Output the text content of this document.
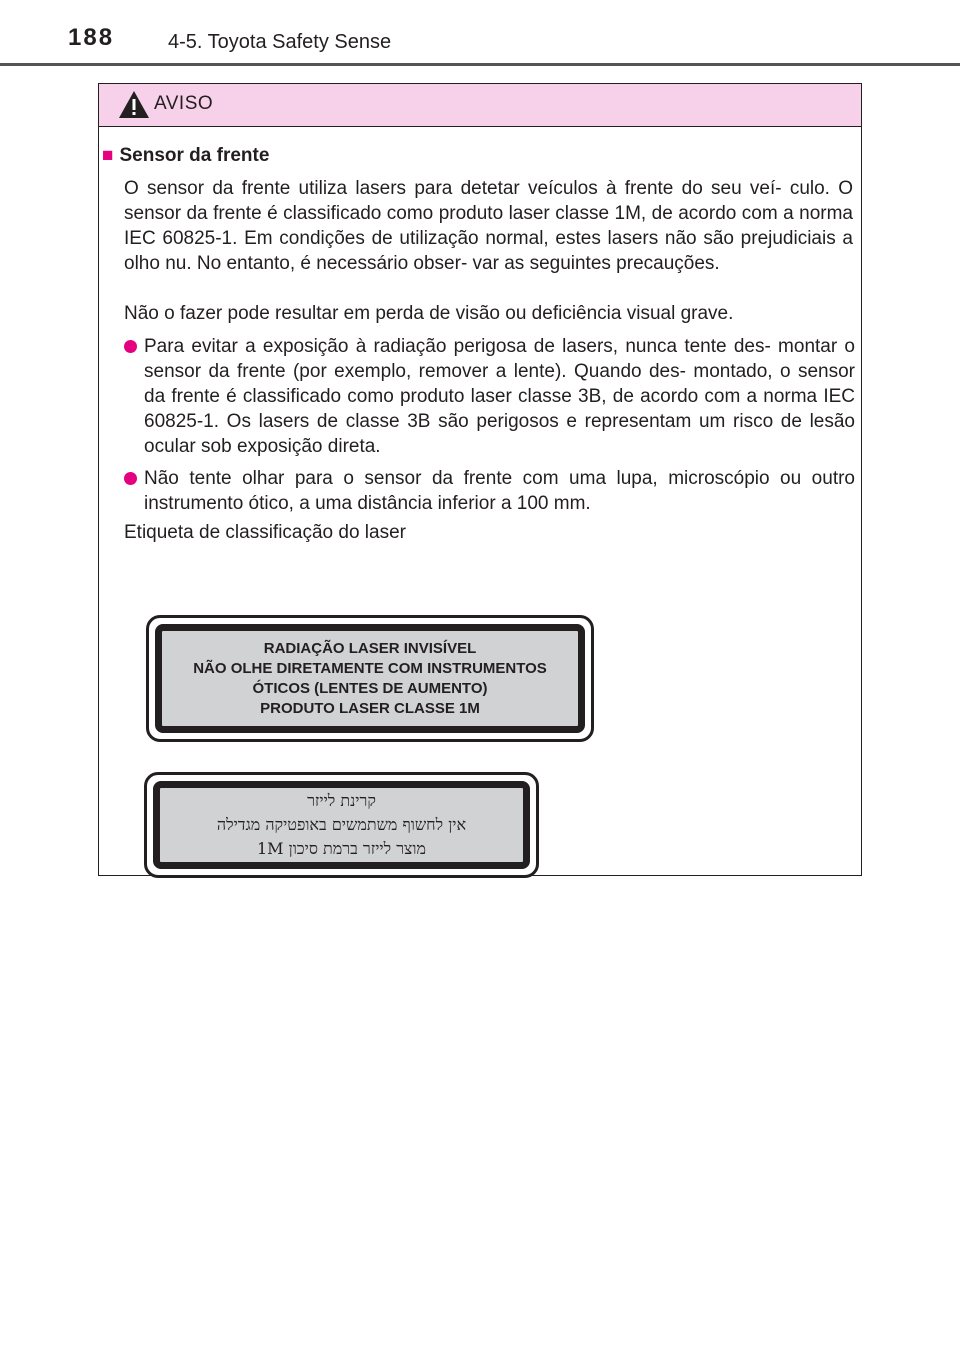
188	4-5. Toyota Safety Sense
AVISO
■ Sensor da frente

O sensor da frente utiliza lasers para detetar veículos à frente do seu veí- culo. O sensor da frente é classificado como produto laser classe 1M, de acordo com a norma IEC 60825-1. Em condições de utilização normal, estes lasers não são prejudiciais a olho nu. No entanto, é necessário obser- var as seguintes precauções.

Não o fazer pode resultar em perda de visão ou deficiência visual grave.

Para evitar a exposição à radiação perigosa de lasers, nunca tente des- montar o sensor da frente (por exemplo, remover a lente). Quando des- montado, o sensor da frente é classificado como produto laser classe 3B, de acordo com a norma IEC 60825-1. Os lasers de classe 3B são perigosos e representam um risco de lesão ocular sob exposição direta.
Não tente olhar para o sensor da frente com uma lupa, microscópio ou outro instrumento ótico, a uma distância inferior a 100 mm.

Etiqueta de classificação do laser

RADIAÇÃO LASER INVISÍVEL
NÃO OLHE DIRETAMENTE COM INSTRUMENTOS
ÓTICOS (LENTES DE AUMENTO)
PRODUTO LASER CLASSE 1M
קרינת לייזר
אין לחשוף משתמשים באופטיקה מגדילה
מוצר לייזר ברמת סיכון 1M
